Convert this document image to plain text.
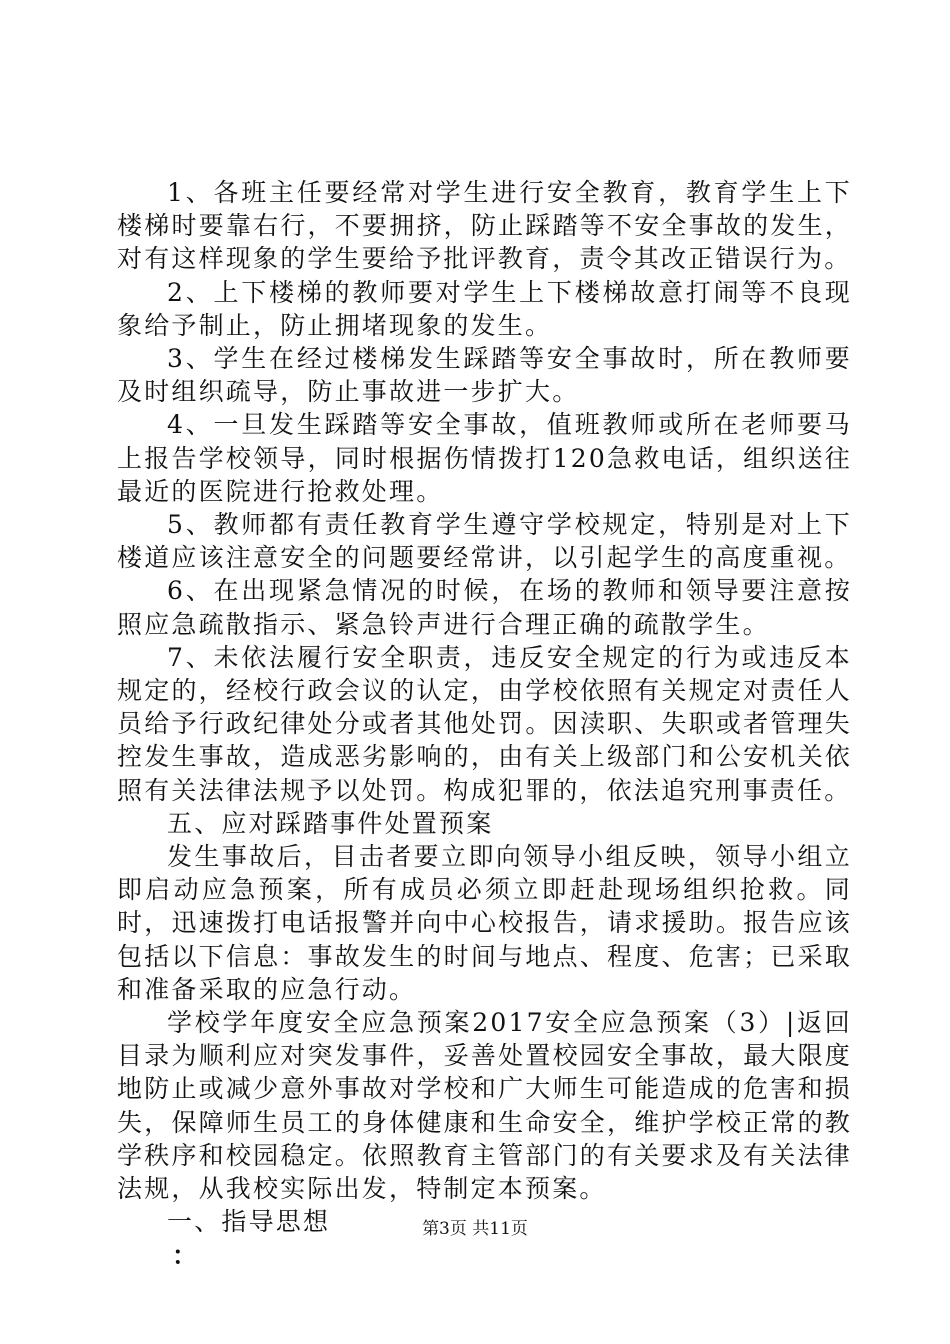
1、各班主任要经常对学生进行安全教育，教育学生上下楼梯时要靠右行，不要拥挤，防止踩踏等不安全事故的发生，对有这样现象的学生要给予批评教育，责令其改正错误行为。

2、上下楼梯的教师要对学生上下楼梯故意打闹等不良现象给予制止，防止拥堵现象的发生。

3、学生在经过楼梯发生踩踏等安全事故时，所在教师要及时组织疏导，防止事故进一步扩大。

4、一旦发生踩踏等安全事故，值班教师或所在老师要马上报告学校领导，同时根据伤情拨打120急救电话，组织送往最近的医院进行抢救处理。

5、教师都有责任教育学生遵守学校规定，特别是对上下楼道应该注意安全的问题要经常讲，以引起学生的高度重视。

6、在出现紧急情况的时候，在场的教师和领导要注意按照应急疏散指示、紧急铃声进行合理正确的疏散学生。

7、未依法履行安全职责，违反安全规定的行为或违反本规定的，经校行政会议的认定，由学校依照有关规定对责任人员给予行政纪律处分或者其他处罚。因渎职、失职或者管理失控发生事故，造成恶劣影响的，由有关上级部门和公安机关依照有关法律法规予以处罚。构成犯罪的，依法追究刑事责任。

五、应对踩踏事件处置预案

发生事故后，目击者要立即向领导小组反映，领导小组立即启动应急预案，所有成员必须立即赶赴现场组织抢救。同时，迅速拨打电话报警并向中心校报告，请求援助。报告应该包括以下信息：事故发生的时间与地点、程度、危害；已采取和准备采取的应急行动。

学校学年度安全应急预案2017安全应急预案（3）|返回目录为顺利应对突发事件，妥善处置校园安全事故，最大限度地防止或减少意外事故对学校和广大师生可能造成的危害和损失，保障师生员工的身体健康和生命安全，维护学校正常的教学秩序和校园稳定。依照教育主管部门的有关要求及有关法律法规，从我校实际出发，特制定本预案。

一、指导思想

：

第3页 共11页
